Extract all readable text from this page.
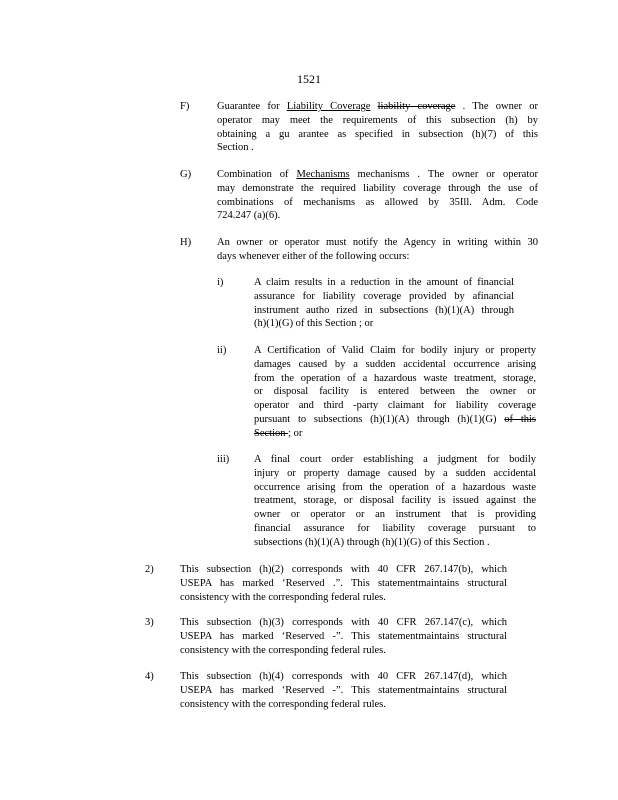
1521
F)	Guarantee for Liability Coverage liability coverage . The owner or

operator may meet the requirements of this subsection (h) by

obtaining a gu arantee as specified in subsection (h)(7) of this

Section .

G) Combination of Mechanisms mechanisms . The owner or operator

may demonstrate the required liability coverage through the use of

combinations of mechanisms as allowed by 35Ill. Adm. Code

724.247 (a)(6).

H) An owner or operator must notify the Agency in writing within 30

days whenever either of the following occurs:

i)	A claim results in a reduction in the amount of financial

assurance for liability coverage provided by afinancial

instrument autho rized in subsections (h)(1)(A) through

(h)(1)(G) of this Section ; or

ii)	A Certification of Valid Claim for bodily injury or property

damages caused by a sudden accidental occurrence arising

from the operation of a hazardous waste treatment, storage,

or disposal facility is entered between the owner or

operator and third -party claimant for liability coverage

pursuant to subsections (h)(1)(A) through (h)(1)(G) of this

Section ; or

iii) A final court order establishing a judgment for bodily

injury or property damage caused by a sudden accidental

occurrence arising from the operation of a hazardous waste

treatment, storage, or disposal facility is issued against the

owner or operator or an instrument that is providing

financial assurance for liability coverage pursuant to

subsections (h)(1)(A) through (h)(1)(G) of this Section .

2)	This subsection (h)(2) corresponds with 40 CFR 267.147(b), which

USEPA has marked ‘Reserved .”. This statementmaintains structural

consistency with the corresponding federal rules.

3)	This subsection (h)(3) corresponds with 40 CFR 267.147(c), which

USEPA has marked ‘Reserved -”. This statementmaintains structural

consistency with the corresponding federal rules.

4)	This subsection (h)(4) corresponds with 40 CFR 267.147(d), which

USEPA has marked ‘Reserved -”. This statementmaintains structural

consistency with the corresponding federal rules.
